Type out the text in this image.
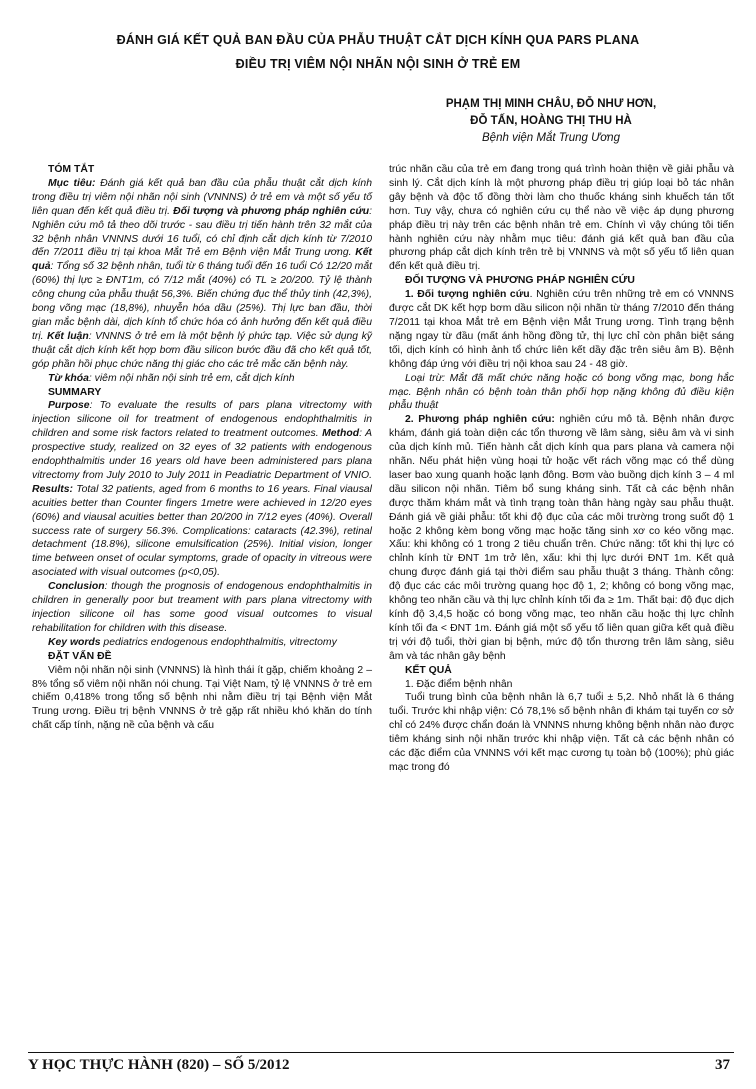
ĐÁNH GIÁ KẾT QUẢ BAN ĐẦU CỦA PHẪU THUẬT CẮT DỊCH KÍNH QUA PARS PLANA
ĐIỀU TRỊ VIÊM NỘI NHÃN NỘI SINH Ở TRẺ EM
PHẠM THỊ MINH CHÂU, ĐỖ NHƯ HƠN,
ĐỖ TẤN, HOÀNG THỊ THU HÀ
Bệnh viện Mắt Trung Ương

TÓM TẮT

Mục tiêu: Đánh giá kết quả ban đầu của phẫu thuật cắt dịch kính trong điều trị viêm nội nhãn nội sinh (VNNNS) ở trẻ em và một số yếu tố liên quan đến kết quả điều trị. Đối tượng và phương pháp nghiên cứu: Nghiên cứu mô tả theo dõi trước - sau điều trị tiến hành trên 32 mắt của 32 bệnh nhân VNNNS dưới 16 tuổi, có chỉ định cắt dịch kính từ 7/2010 đến 7/2011 điều trị tại khoa Mắt Trẻ em Bệnh viện Mắt Trung ương. Kết quả: Tổng số 32 bệnh nhân, tuổi từ 6 tháng tuổi đến 16 tuổi Có 12/20 mắt (60%) thị lực ≥ ĐNT1m, có 7/12 mắt (40%) có TL ≥ 20/200. Tỷ lệ thành công chung của phẫu thuật 56,3%. Biến chứng đục thể thủy tinh (42,3%), bong võng mạc (18,8%), nhuyễn hóa dầu (25%). Thị lực ban đầu, thời gian mắc bệnh dài, dịch kính tổ chức hóa có ảnh hưởng đến kết quả điều trị. Kết luận: VNNNS ở trẻ em là một bệnh lý phức tạp. Việc sử dụng kỹ thuật cắt dịch kính kết hợp bơm đầu silicon bước đầu đã cho kết quả tốt, góp phần hồi phục chức năng thị giác cho các trẻ mắc căn bệnh này.

Từ khóa: viêm nội nhãn nội sinh trẻ em, cắt dịch kính

SUMMARY

Purpose: To evaluate the results of pars plana vitrectomy with injection silicone oil for treatment of endogenous endophthalmitis in children and some risk factors related to treatment outcomes. Method: A prospective study, realized on 32 eyes of 32 patients with endogenous endophthalmitis under 16 years old have been administered pars plana vitrectomy from July 2010 to July 2011 in Peadiatric Department of VNIO. Results: Total 32 patients, aged from 6 months to 16 years. Final viausal acuities better than Counter fingers 1metre were achieved in 12/20 eyes (60%) and viausal acuities better than 20/200 in 7/12 eyes (40%). Overall success rate of surgery 56.3%. Complications: cataracts (42.3%), retinal detachment (18.8%), silicone emulsification (25%). Initial vision, longer time between onset of ocular symptoms, grade of opacity in vitreous were asociated with visual outcomes (p<0,05).

Conclusion: though the prognosis of endogenous endophthalmitis in children in generally poor but treament with pars plana vitrectomy with injection silicone oil has some good visual outcomes to visual rehabilitation for children with this disease.

Key words pediatrics endogenous endophthalmitis, vitrectomy

ĐẶT VẤN ĐỀ

Viêm nội nhãn nội sinh (VNNNS) là hình thái ít gặp, chiếm khoảng 2 – 8% tổng số viêm nội nhãn nói chung. Tại Việt Nam, tỷ lệ VNNNS ở trẻ em chiếm 0,418% trong tổng số bệnh nhi nằm điều trị tại Bệnh viện Mắt Trung ương. Điều trị bệnh VNNNS ở trẻ gặp rất nhiều khó khăn do tính chất cấp tính, nặng nề của bệnh và cấu

trúc nhãn cầu của trẻ em đang trong quá trình hoàn thiện về giải phẫu và sinh lý. Cắt dịch kính là một phương pháp điều trị giúp loại bỏ tác nhân gây bệnh và độc tố đồng thời làm cho thuốc kháng sinh khuếch tán tốt hơn. Tuy vậy, chưa có nghiên cứu cụ thể nào về việc áp dụng phương pháp điều trị này trên các bệnh nhân trẻ em. Chính vì vậy chúng tôi tiến hành nghiên cứu này nhằm mục tiêu: đánh giá kết quả ban đầu của phương pháp cắt dịch kính trên trẻ bị VNNNS và một số yếu tố liên quan đến kết quả điều trị.

ĐỐI TƯỢNG VÀ PHƯƠNG PHÁP NGHIÊN CỨU

1. Đối tượng nghiên cứu. Nghiên cứu trên những trẻ em có VNNNS được cắt DK kết hợp bơm dầu silicon nội nhãn từ tháng 7/2010 đến tháng 7/2011 tại khoa Mắt trẻ em Bệnh viện Mắt Trung ương. Tình trạng bệnh nặng ngay từ đầu (mất ánh hồng đồng tử, thị lực chỉ còn phân biệt sáng tối, dịch kính có hình ảnh tổ chức liên kết dầy đặc trên siêu âm B). Bệnh không đáp ứng với điều trị nội khoa sau 24 - 48 giờ.

Loại trừ: Mắt đã mất chức năng hoặc có bong võng mạc, bong hắc mạc. Bệnh nhân có bệnh toàn thân phối hợp nặng không đủ điều kiện phẫu thuật

2. Phương pháp nghiên cứu: nghiên cứu mô tả. Bệnh nhân được khám, đánh giá toàn diện các tổn thương về lâm sàng, siêu âm và vi sinh của dịch kính mủ. Tiến hành cắt dịch kính qua pars plana và camera nội nhãn. Nếu phát hiện vùng hoại tử hoặc vết rách võng mạc có thể dùng laser bao xung quanh hoặc lạnh đông. Bơm vào buồng dịch kính 3 – 4 ml dầu silicon nội nhãn. Tiêm bổ sung kháng sinh. Tất cả các bệnh nhân được thăm khám mắt và tình trạng toàn thân hàng ngày sau phẫu thuật. Đánh giá về giải phẫu: tốt khi độ đục của các môi trường trong suốt độ 1 hoặc 2 không kèm bong võng mạc hoặc tăng sinh xơ co kéo võng mạc. Xấu: khi không có 1 trong 2 tiêu chuẩn trên. Chức năng: tốt khi thị lực có chỉnh kính từ ĐNT 1m trở lên, xấu: khi thị lực dưới ĐNT 1m. Kết quả chung được đánh giá tại thời điểm sau phẫu thuật 3 tháng. Thành công: độ đục các các môi trường quang học độ 1, 2; không có bong võng mạc, không teo nhãn cầu và thị lực chỉnh kính tối đa ≥ 1m. Thất bại: độ đục dịch kính độ 3,4,5 hoặc có bong võng mạc, teo nhãn cầu hoặc thị lực chỉnh kính tối đa < ĐNT 1m. Đánh giá một số yếu tố liên quan giữa kết quả điều trị với độ tuổi, thời gian bị bệnh, mức độ tổn thương trên lâm sàng, siêu âm và tác nhân gây bệnh

KẾT QUẢ

1. Đặc điểm bệnh nhân

Tuổi trung bình của bệnh nhân là 6,7 tuổi ± 5,2. Nhỏ nhất là 6 tháng tuổi. Trước khi nhập viện: Có 78,1% số bệnh nhân đi khám tại tuyến cơ sở chỉ có 24% được chẩn đoán là VNNNS nhưng không bệnh nhân nào được tiêm kháng sinh nội nhãn trước khi nhập viện. Tất cả các bệnh nhân có các đặc điểm của VNNNS với kết mạc cương tụ toàn bộ (100%); phù giác mạc trong đó

Y HỌC THỰC HÀNH (820) – SỐ 5/2012	37
